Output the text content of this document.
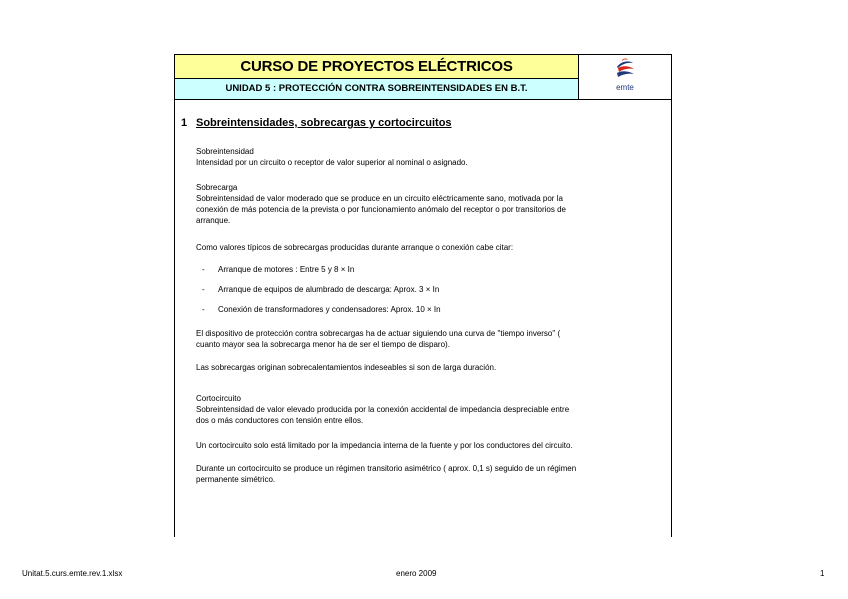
CURSO DE PROYECTOS ELÉCTRICOS
UNIDAD 5 : PROTECCIÓN CONTRA SOBREINTENSIDADES EN B.T.	emte
1 Sobreintensidades, sobrecargas y cortocircuitos
Sobreintensidad
Intensidad por un circuito o receptor de valor superior al nominal o asignado.
Sobrecarga
Sobreintensidad de valor moderado que se produce en un circuito eléctricamente sano, motivada por la
conexión de más potencia de la prevista o por funcionamiento anómalo del receptor o por transitorios de
arranque.
Como valores típicos de sobrecargas producidas durante arranque o conexión cabe citar:
- Arranque de motores : Entre 5 y 8 × In
- Arranque de equipos de alumbrado de descarga: Aprox. 3 × In
- Conexión de transformadores y condensadores: Aprox. 10 × In
El dispositivo de protección contra sobrecargas ha de actuar siguiendo una curva de "tiempo inverso" (
cuanto mayor sea la sobrecarga menor ha de ser el tiempo de disparo).
Las sobrecargas originan sobrecalentamientos indeseables si son de larga duración.
Cortocircuito
Sobreintensidad de valor elevado producida por la conexión accidental de impedancia despreciable entre
dos o más conductores con tensión entre ellos.
Un cortocircuito solo está limitado por la impedancia interna de la fuente y por los conductores del circuito.
Durante un cortocircuito se produce un régimen transitorio asimétrico ( aprox. 0,1 s) seguido de un régimen
permanente simétrico.
Unitat.5.curs.emte.rev.1.xlsx	enero 2009	1
